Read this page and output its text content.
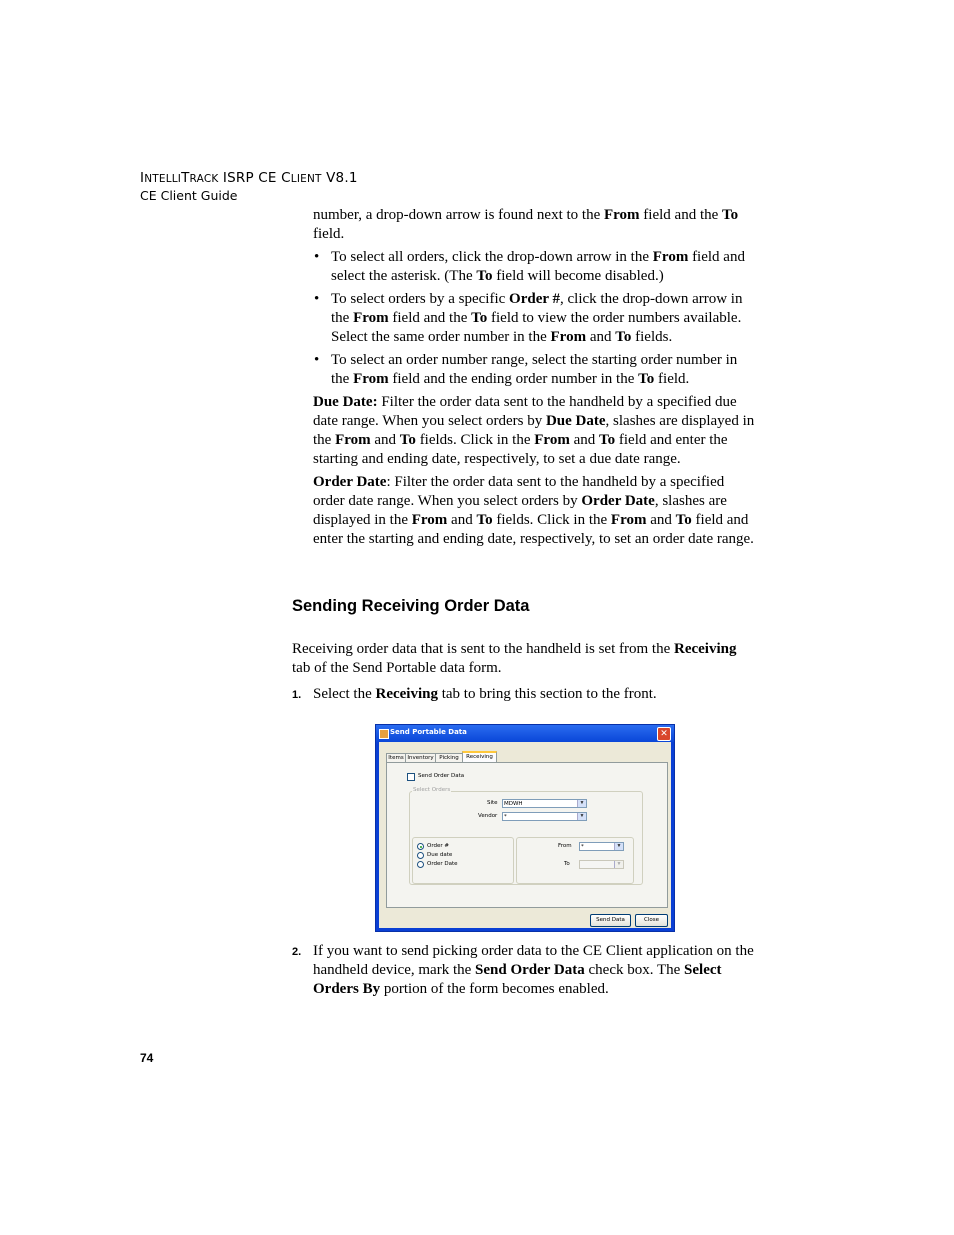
INTELLITRACK ISRP CE CLIENT V8.1
CE Client Guide
number, a drop-down arrow is found next to the From field and the To
field.
• To select all orders, click the drop-down arrow in the From field and select the asterisk. (The To field will become disabled.)
• To select orders by a specific Order #, click the drop-down arrow in the From field and the To field to view the order numbers available. Select the same order number in the From and To fields.
• To select an order number range, select the starting order number in the From field and the ending order number in the To field.
Due Date: Filter the order data sent to the handheld by a specified due date range. When you select orders by Due Date, slashes are displayed in the From and To fields. Click in the From and To field and enter the starting and ending date, respectively, to set a due date range.
Order Date: Filter the order data sent to the handheld by a specified order date range. When you select orders by Order Date, slashes are displayed in the From and To fields. Click in the From and To field and enter the starting and ending date, respectively, to set an order date range.
Sending Receiving Order Data
Receiving order data that is sent to the handheld is set from the Receiving tab of the Send Portable data form.
1. Select the Receiving tab to bring this section to the front.
Send Portable Data	✕
Items Inventory	Picking	Receiving
Send Order Data
Select Orders
Site MDWH	▼
Vendor *	▼
Order #
Due date
Order Date
From *	▼
To	▼
Send Data	Close
2. If you want to send picking order data to the CE Client application on the handheld device, mark the Send Order Data check box. The Select Orders By portion of the form becomes enabled.
74
